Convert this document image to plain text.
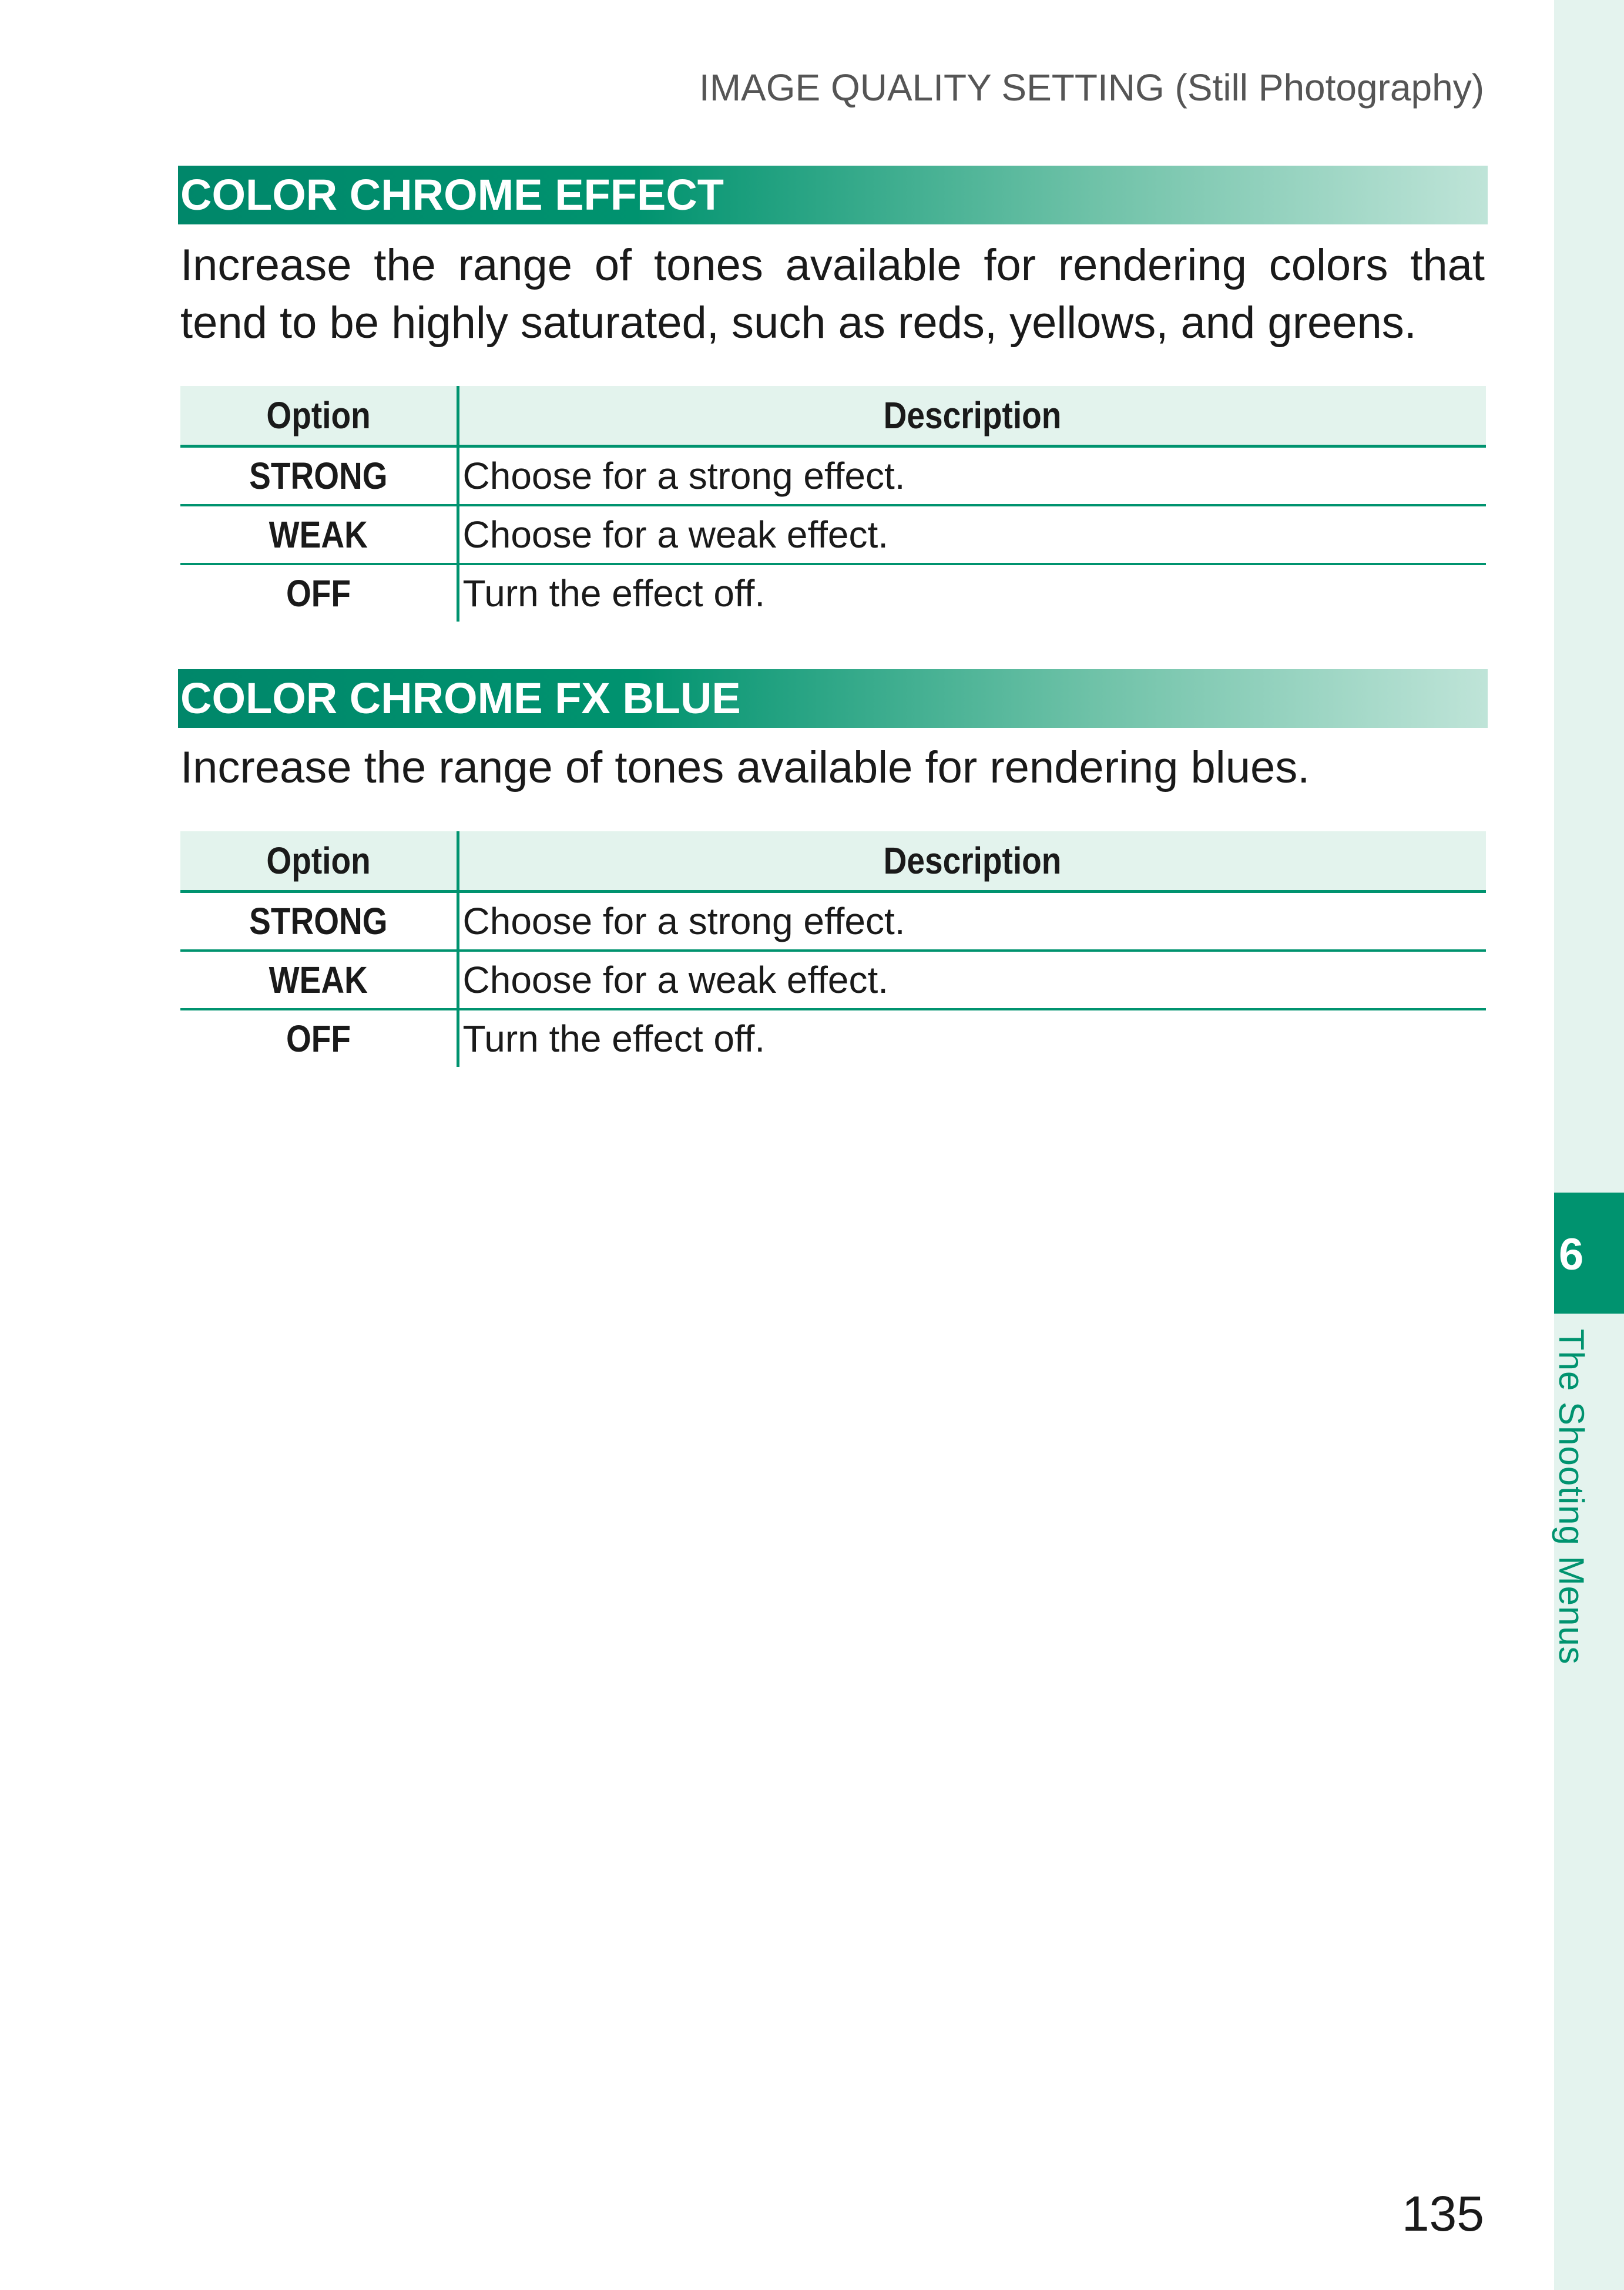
IMAGE QUALITY SETTING (Still Photography)
COLOR CHROME EFFECT
Increase the range of tones available for rendering colors that tend to be highly saturated, such as reds, yellows, and greens.
Option	Description
STRONG	Choose for a strong effect.
WEAK	Choose for a weak effect.
OFF	Turn the effect off.
COLOR CHROME FX BLUE
Increase the range of tones available for rendering blues.
Option	Description
STRONG	Choose for a strong effect.
WEAK	Choose for a weak effect.
OFF	Turn the effect off.
6
The Shooting Menus
135
